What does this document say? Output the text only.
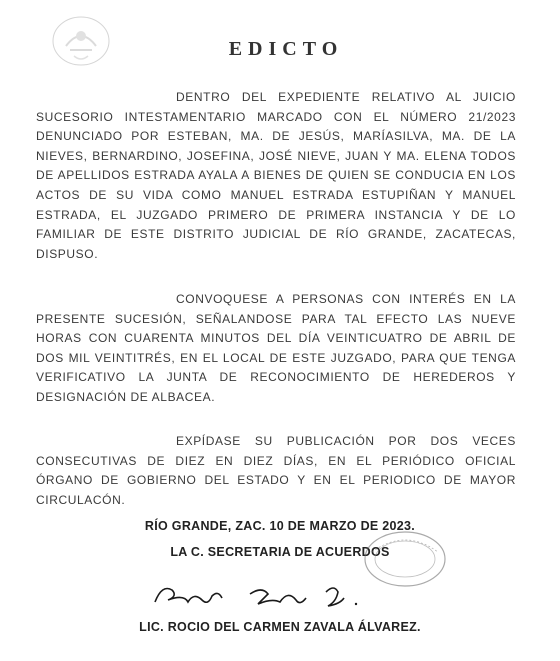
EDICTO
DENTRO DEL EXPEDIENTE RELATIVO AL JUICIO SUCESORIO INTESTAMENTARIO MARCADO CON EL NÚMERO 21/2023 DENUNCIADO POR ESTEBAN, MA. DE JESÚS, MARÍASILVA, MA. DE LA NIEVES, BERNARDINO, JOSEFINA, JOSÉ NIEVE, JUAN Y MA. ELENA TODOS DE APELLIDOS ESTRADA AYALA A BIENES DE QUIEN SE CONDUCIA EN LOS ACTOS DE SU VIDA COMO MANUEL ESTRADA ESTUPIÑAN Y MANUEL ESTRADA, EL JUZGADO PRIMERO DE PRIMERA INSTANCIA Y DE LO FAMILIAR DE ESTE DISTRITO JUDICIAL DE RÍO GRANDE, ZACATECAS, DISPUSO.
CONVOQUESE A PERSONAS CON INTERÉS EN LA PRESENTE SUCESIÓN, SEÑALANDOSE PARA TAL EFECTO LAS NUEVE HORAS CON CUARENTA MINUTOS DEL DÍA VEINTICUATRO DE ABRIL DE DOS MIL VEINTITRÉS, EN EL LOCAL DE ESTE JUZGADO, PARA QUE TENGA VERIFICATIVO LA JUNTA DE RECONOCIMIENTO DE HEREDEROS Y DESIGNACIÓN DE ALBACEA.
EXPÍDASE SU PUBLICACIÓN POR DOS VECES CONSECUTIVAS DE DIEZ EN DIEZ DÍAS, EN EL PERIÓDICO OFICIAL ÓRGANO DE GOBIERNO DEL ESTADO Y EN EL PERIODICO DE MAYOR CIRCULACÓN.
RÍO GRANDE, ZAC. 10 DE MARZO DE 2023.
LA C. SECRETARIA DE ACUERDOS
LIC. ROCIO DEL CARMEN ZAVALA ÁLVAREZ.
